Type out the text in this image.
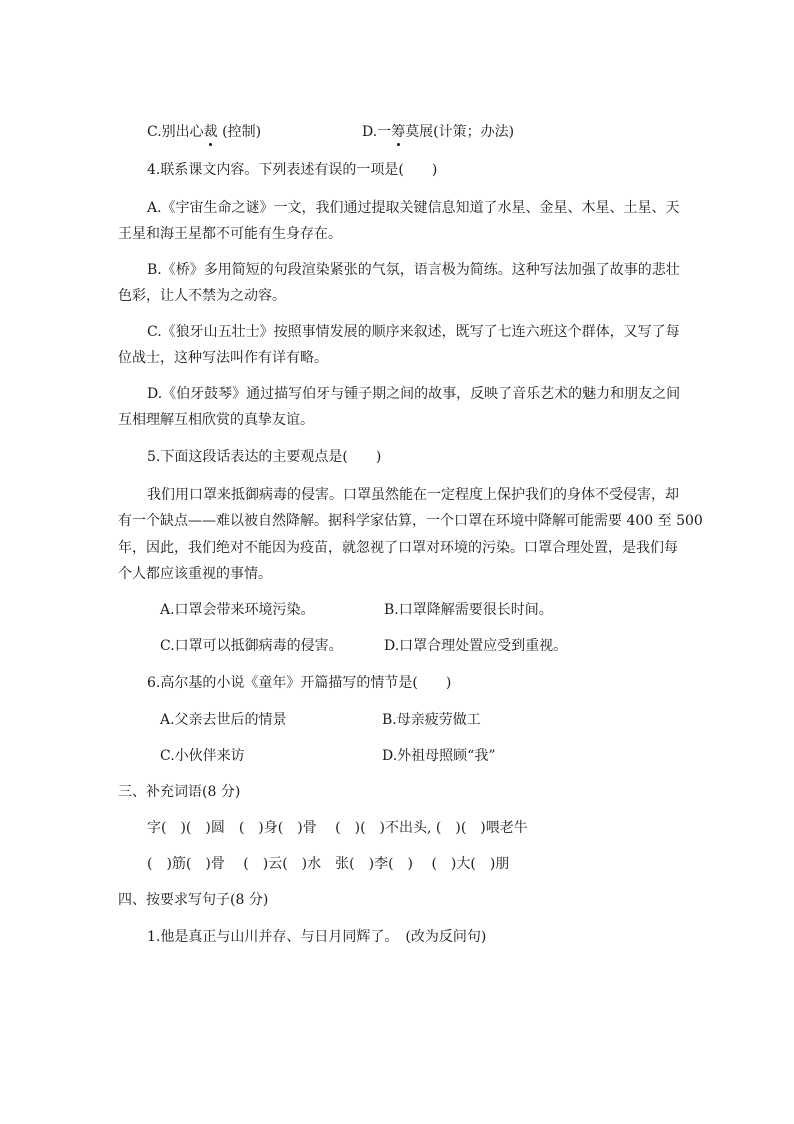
C.别出心裁 (控制)	D.一筹莫展(计策；办法)
4.联系课文内容。下列表述有误的一项是(　　)
A.《宇宙生命之谜》一文，我们通过提取关键信息知道了水星、金星、木星、土星、天
王星和海王星都不可能有生身存在。
B.《桥》多用简短的句段渲染紧张的气氛，语言极为简练。这种写法加强了故事的悲壮
色彩，让人不禁为之动容。
C.《狼牙山五壮士》按照事情发展的顺序来叙述，既写了七连六班这个群体，又写了每
位战士，这种写法叫作有详有略。
D.《伯牙鼓琴》通过描写伯牙与锺子期之间的故事，反映了音乐艺术的魅力和朋友之间
互相理解互相欣赏的真挚友谊。
5.下面这段话表达的主要观点是(　　)
我们用口罩来抵御病毒的侵害。口罩虽然能在一定程度上保护我们的身体不受侵害，却
有一个缺点——难以被自然降解。据科学家估算，一个口罩在环境中降解可能需要 400 至 500
年，因此，我们绝对不能因为疫苗，就忽视了口罩对环境的污染。口罩合理处置，是我们每
个人都应该重视的事情。
A.口罩会带来环境污染。	B.口罩降解需要很长时间。
C.口罩可以抵御病毒的侵害。	D.口罩合理处置应受到重视。
6.高尔基的小说《童年》开篇描写的情节是(　　)
A.父亲去世后的情景	B.母亲疲劳做工
C.小伙伴来访	D.外祖母照顾“我”
三、补充词语(8 分)
字(　)(　)圆　(　)身(　)骨　 (　)(　)不出头, (　)(　)喂老牛
(　)筋(　)骨　 (　)云(　)水　张(　)李(　)　 (　)大(　)朋
四、按要求写句子(8 分)
1.他是真正与山川并存、与日月同辉了。　(改为反问句)
